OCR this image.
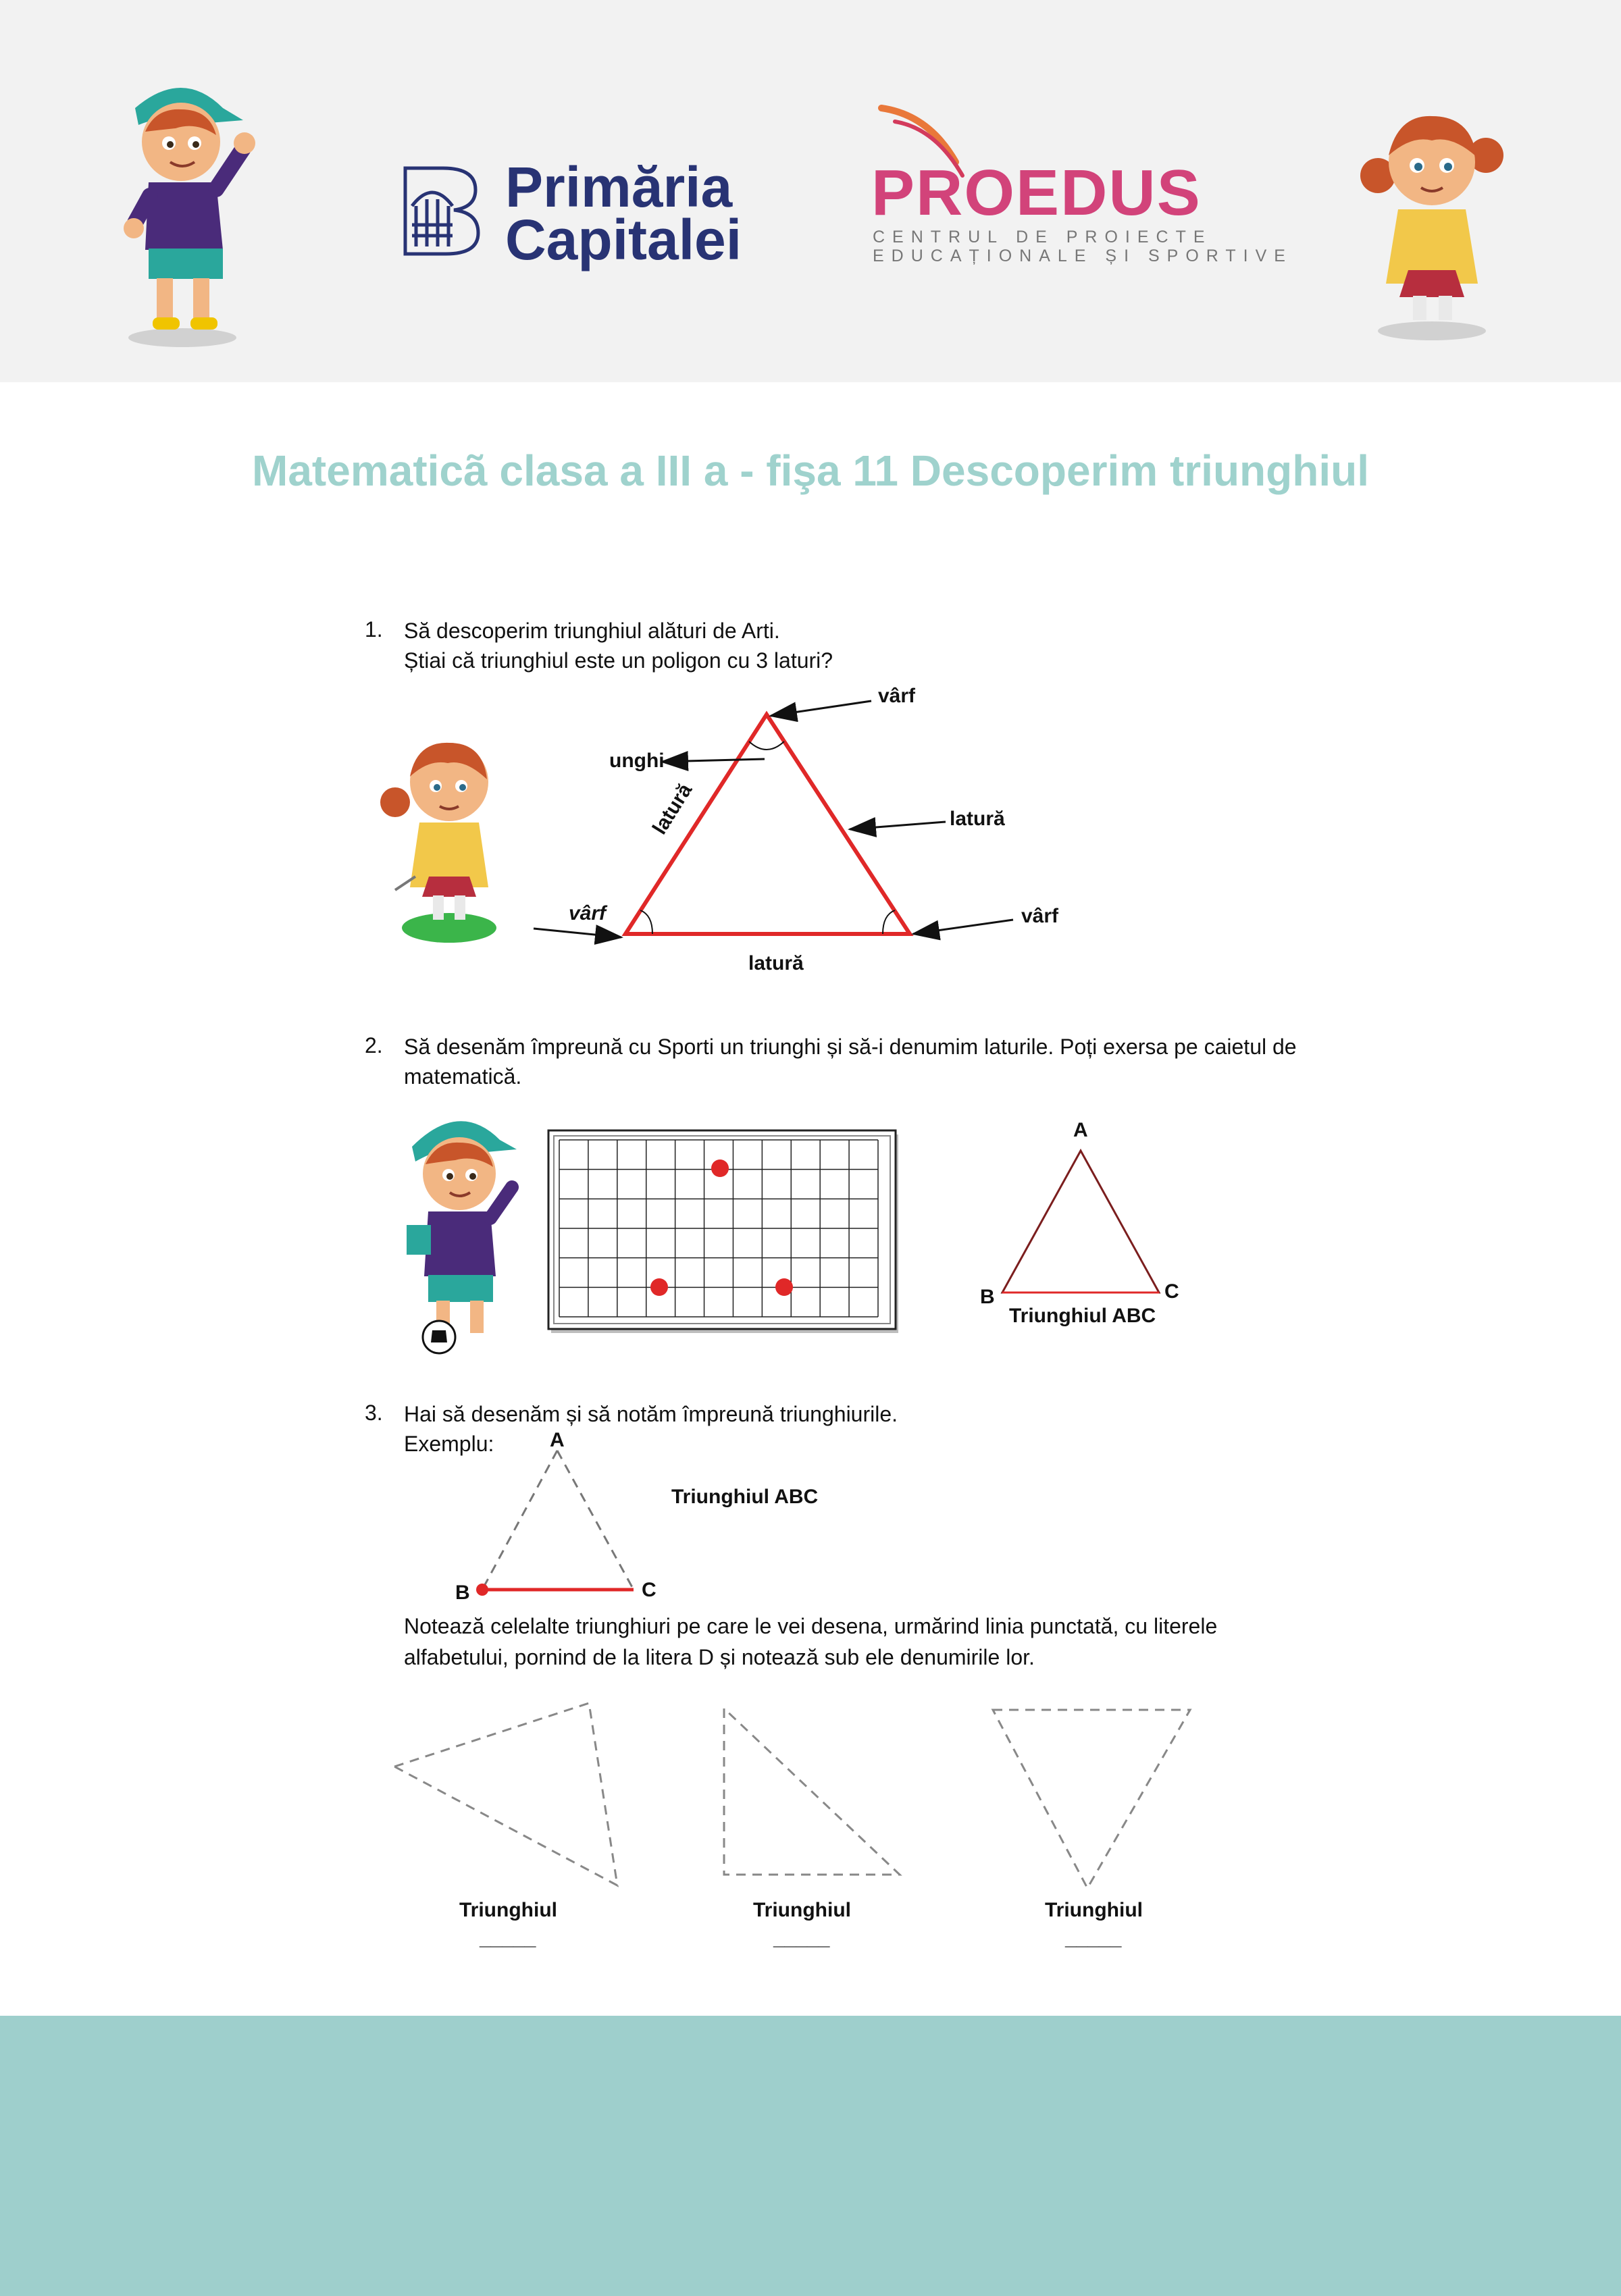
Primăria
Capitalei
PROEDUS
CENTRUL DE PROIECTE
EDUCAȚIONALE ȘI SPORTIVE
Matematicã clasa a III a - fişa 11 Descoperim triunghiul
1. Să descoperim triunghiul alături de Arti.
Știai că triunghiul este un poligon cu 3 laturi?
vârf
unghi
latură	latură
vârf	vârf
latură
2. Să desenăm împreună cu Sporti un triunghi și să-i denumim laturile. Poți exersa pe caietul de
matematică.
A
B	C
Triunghiul ABC
3. Hai să desenăm și să notăm împreună triunghiurile.
Exemplu:	A
B	C
Triunghiul ABC
Notează celelalte triunghiuri pe care le vei desena, urmărind linia punctată, cu literele
alfabetului, pornind de la litera D și notează sub ele denumirile lor.
Triunghiul
_____
Triunghiul
_____
Triunghiul
_____
